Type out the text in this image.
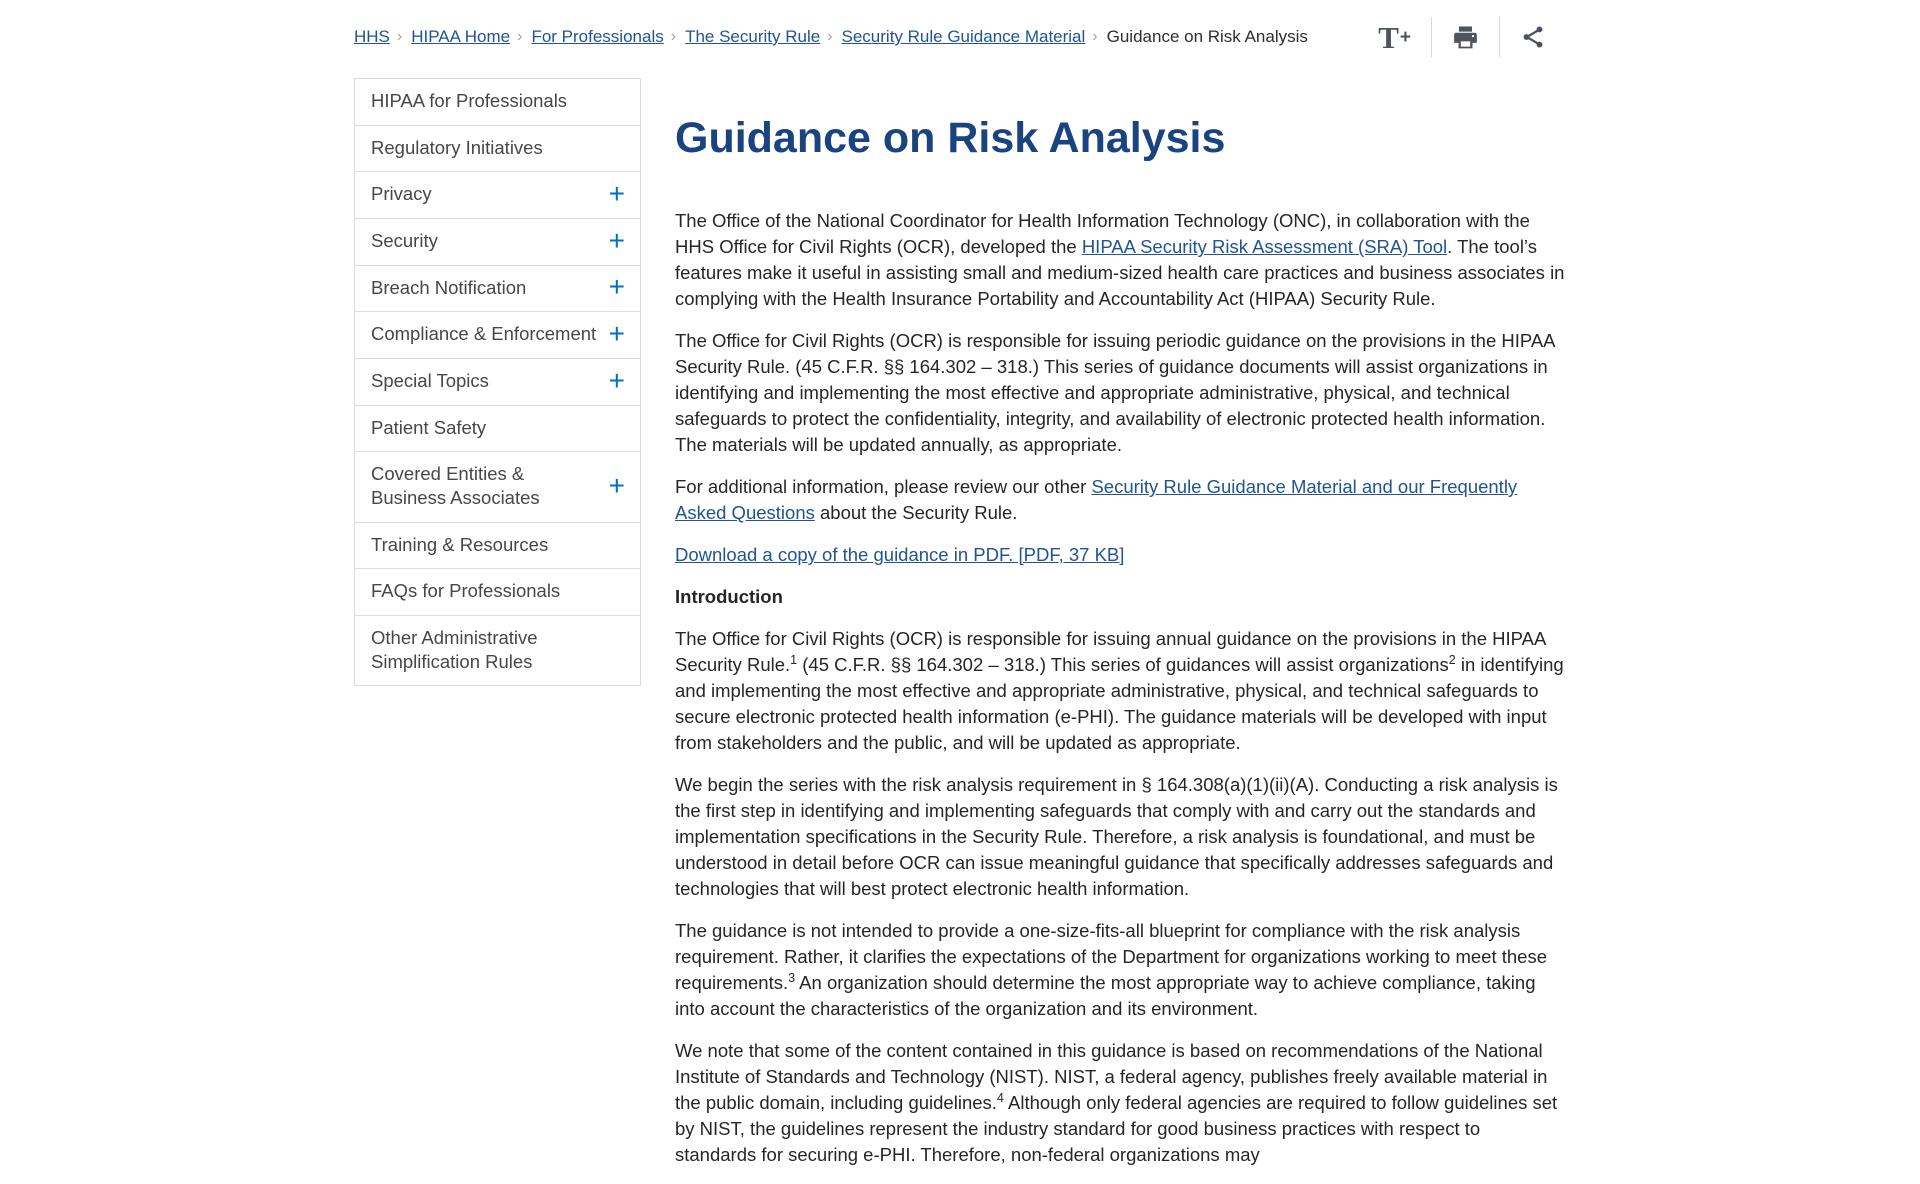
HHS › HIPAA Home › For Professionals › The Security Rule › Security Rule Guidance Material › Guidance on Risk Analysis T +
HIPAA for Professionals
Regulatory Initiatives
Privacy	+
Security	+
Breach Notification	+
Compliance & Enforcement +
Special Topics	+
Patient Safety
Covered Entities & Business Associates	+
Training & Resources
FAQs for Professionals
Other Administrative Simplification Rules
Guidance on Risk Analysis

The Office of the National Coordinator for Health Information Technology (ONC), in collaboration with the HHS Office for Civil Rights (OCR), developed the HIPAA Security Risk Assessment (SRA) Tool. The tool’s features make it useful in assisting small and medium-sized health care practices and business associates in complying with the Health Insurance Portability and Accountability Act (HIPAA) Security Rule.

The Office for Civil Rights (OCR) is responsible for issuing periodic guidance on the provisions in the HIPAA Security Rule. (45 C.F.R. §§ 164.302 – 318.) This series of guidance documents will assist organizations in identifying and implementing the most effective and appropriate administrative, physical, and technical safeguards to protect the confidentiality, integrity, and availability of electronic protected health information. The materials will be updated annually, as appropriate.

For additional information, please review our other Security Rule Guidance Material and our Frequently Asked Questions about the Security Rule.

Download a copy of the guidance in PDF. [PDF, 37 KB]

Introduction

The Office for Civil Rights (OCR) is responsible for issuing annual guidance on the provisions in the HIPAA Security Rule.$^1$ (45 C.F.R. §§ 164.302 – 318.) This series of guidances will assist organizations$^2$ in identifying and implementing the most effective and appropriate administrative, physical, and technical safeguards to secure electronic protected health information (e-PHI). The guidance materials will be developed with input from stakeholders and the public, and will be updated as appropriate.

We begin the series with the risk analysis requirement in § 164.308(a)(1)(ii)(A). Conducting a risk analysis is the first step in identifying and implementing safeguards that comply with and carry out the standards and implementation specifications in the Security Rule. Therefore, a risk analysis is foundational, and must be understood in detail before OCR can issue meaningful guidance that specifically addresses safeguards and technologies that will best protect electronic health information.

The guidance is not intended to provide a one-size-fits-all blueprint for compliance with the risk analysis requirement. Rather, it clarifies the expectations of the Department for organizations working to meet these requirements.$^3$ An organization should determine the most appropriate way to achieve compliance, taking into account the characteristics of the organization and its environment.

We note that some of the content contained in this guidance is based on recommendations of the National Institute of Standards and Technology (NIST). NIST, a federal agency, publishes freely available material in the public domain, including guidelines.$^4$ Although only federal agencies are required to follow guidelines set by NIST, the guidelines represent the industry standard for good business practices with respect to standards for securing e-PHI. Therefore, non-federal organizations may
